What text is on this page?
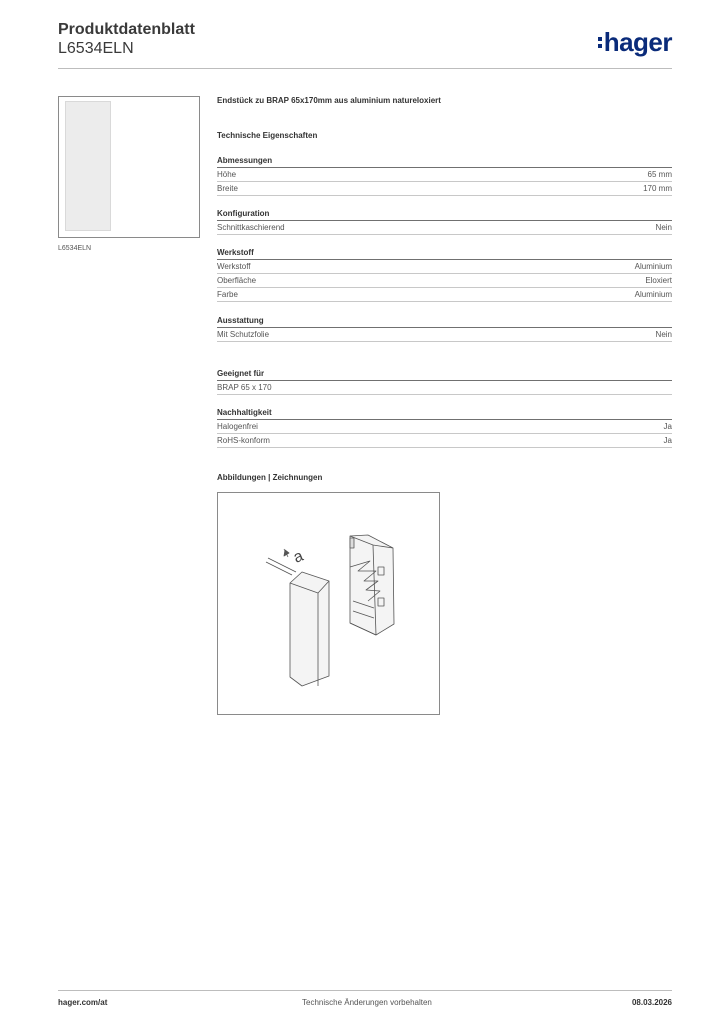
Produktdatenblatt
L6534ELN	hager
L6534ELN
Endstück zu BRAP 65x170mm aus aluminium natureloxiert
Technische Eigenschaften
Abmessungen
Höhe	65 mm
Breite	170 mm
Konfiguration
Schnittkaschierend	Nein
Werkstoff
Werkstoff	Aluminium
Oberfläche	Eloxiert
Farbe	Aluminium
Ausstattung
Mit Schutzfolie	Nein
Geeignet für
BRAP 65 x 170
Nachhaltigkeit
Halogenfrei	Ja
RoHS-konform	Ja
Abbildungen | Zeichnungen
a
hager.com/at	Technische Änderungen vorbehalten	08.03.2026
